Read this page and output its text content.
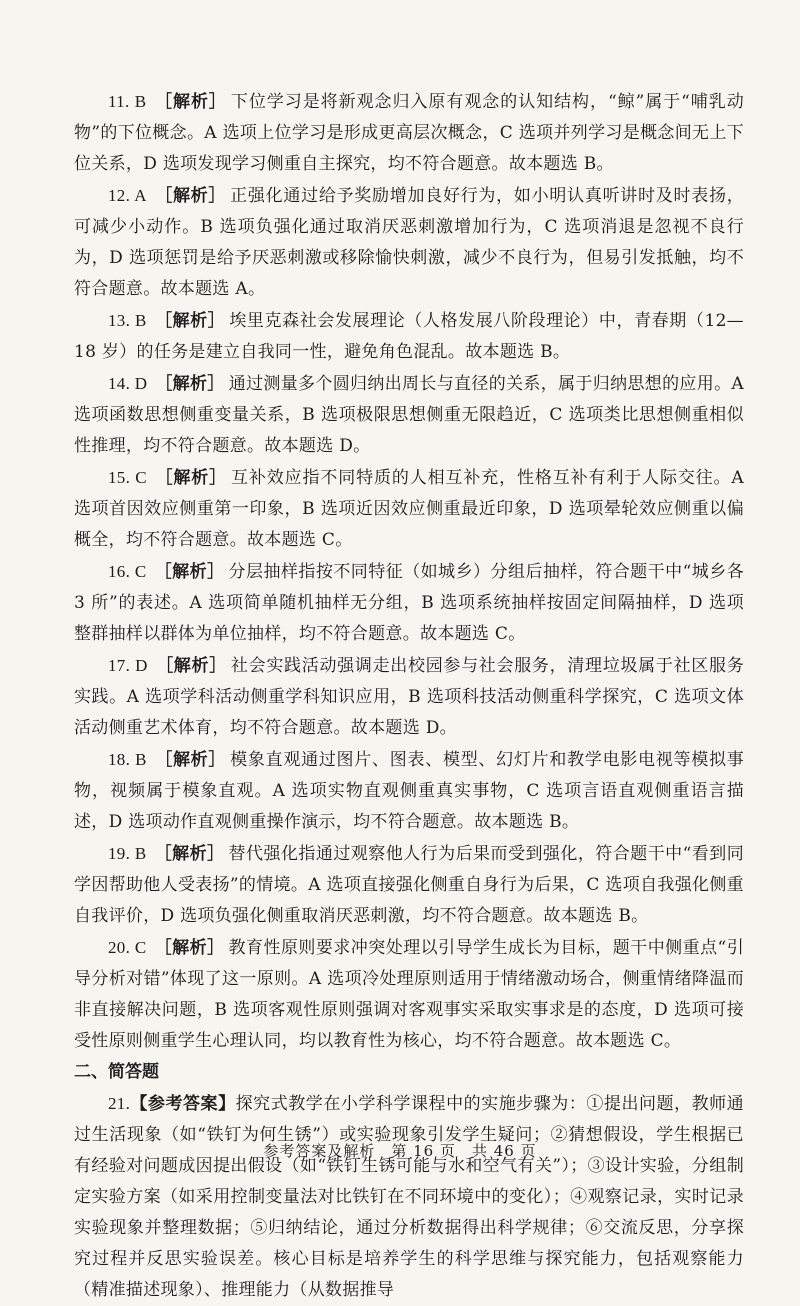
11. B ［解析］ 下位学习是将新观念归入原有观念的认知结构，“鲸”属于“哺乳动物”的下位概念。A 选项上位学习是形成更高层次概念，C 选项并列学习是概念间无上下位关系，D 选项发现学习侧重自主探究，均不符合题意。故本题选 B。

12. A ［解析］ 正强化通过给予奖励增加良好行为，如小明认真听讲时及时表扬，可减少小动作。B 选项负强化通过取消厌恶刺激增加行为，C 选项消退是忽视不良行为，D 选项惩罚是给予厌恶刺激或移除愉快刺激，减少不良行为，但易引发抵触，均不符合题意。故本题选 A。

13. B ［解析］ 埃里克森社会发展理论（人格发展八阶段理论）中，青春期（12—18 岁）的任务是建立自我同一性，避免角色混乱。故本题选 B。

14. D ［解析］ 通过测量多个圆归纳出周长与直径的关系，属于归纳思想的应用。A 选项函数思想侧重变量关系，B 选项极限思想侧重无限趋近，C 选项类比思想侧重相似性推理，均不符合题意。故本题选 D。

15. C ［解析］ 互补效应指不同特质的人相互补充，性格互补有利于人际交往。A 选项首因效应侧重第一印象，B 选项近因效应侧重最近印象，D 选项晕轮效应侧重以偏概全，均不符合题意。故本题选 C。

16. C ［解析］ 分层抽样指按不同特征（如城乡）分组后抽样，符合题干中“城乡各 3 所”的表述。A 选项简单随机抽样无分组，B 选项系统抽样按固定间隔抽样，D 选项整群抽样以群体为单位抽样，均不符合题意。故本题选 C。

17. D ［解析］ 社会实践活动强调走出校园参与社会服务，清理垃圾属于社区服务实践。A 选项学科活动侧重学科知识应用，B 选项科技活动侧重科学探究，C 选项文体活动侧重艺术体育，均不符合题意。故本题选 D。

18. B ［解析］ 模象直观通过图片、图表、模型、幻灯片和教学电影电视等模拟事物，视频属于模象直观。A 选项实物直观侧重真实事物，C 选项言语直观侧重语言描述，D 选项动作直观侧重操作演示，均不符合题意。故本题选 B。

19. B ［解析］ 替代强化指通过观察他人行为后果而受到强化，符合题干中“看到同学因帮助他人受表扬”的情境。A 选项直接强化侧重自身行为后果，C 选项自我强化侧重自我评价，D 选项负强化侧重取消厌恶刺激，均不符合题意。故本题选 B。

20. C ［解析］ 教育性原则要求冲突处理以引导学生成长为目标，题干中侧重点“引导分析对错”体现了这一原则。A 选项冷处理原则适用于情绪激动场合，侧重情绪降温而非直接解决问题，B 选项客观性原则强调对客观事实采取实事求是的态度，D 选项可接受性原则侧重学生心理认同，均以教育性为核心，均不符合题意。故本题选 C。

二、简答题

21.【参考答案】探究式教学在小学科学课程中的实施步骤为：①提出问题，教师通过生活现象（如“铁钉为何生锈”）或实验现象引发学生疑问；②猜想假设，学生根据已有经验对问题成因提出假设（如“铁钉生锈可能与水和空气有关”）；③设计实验，分组制定实验方案（如采用控制变量法对比铁钉在不同环境中的变化）；④观察记录，实时记录实验现象并整理数据；⑤归纳结论，通过分析数据得出科学规律；⑥交流反思，分享探究过程并反思实验误差。核心目标是培养学生的科学思维与探究能力，包括观察能力（精准描述现象）、推理能力（从数据推导

参考答案及解析　第 16 页　共 46 页
